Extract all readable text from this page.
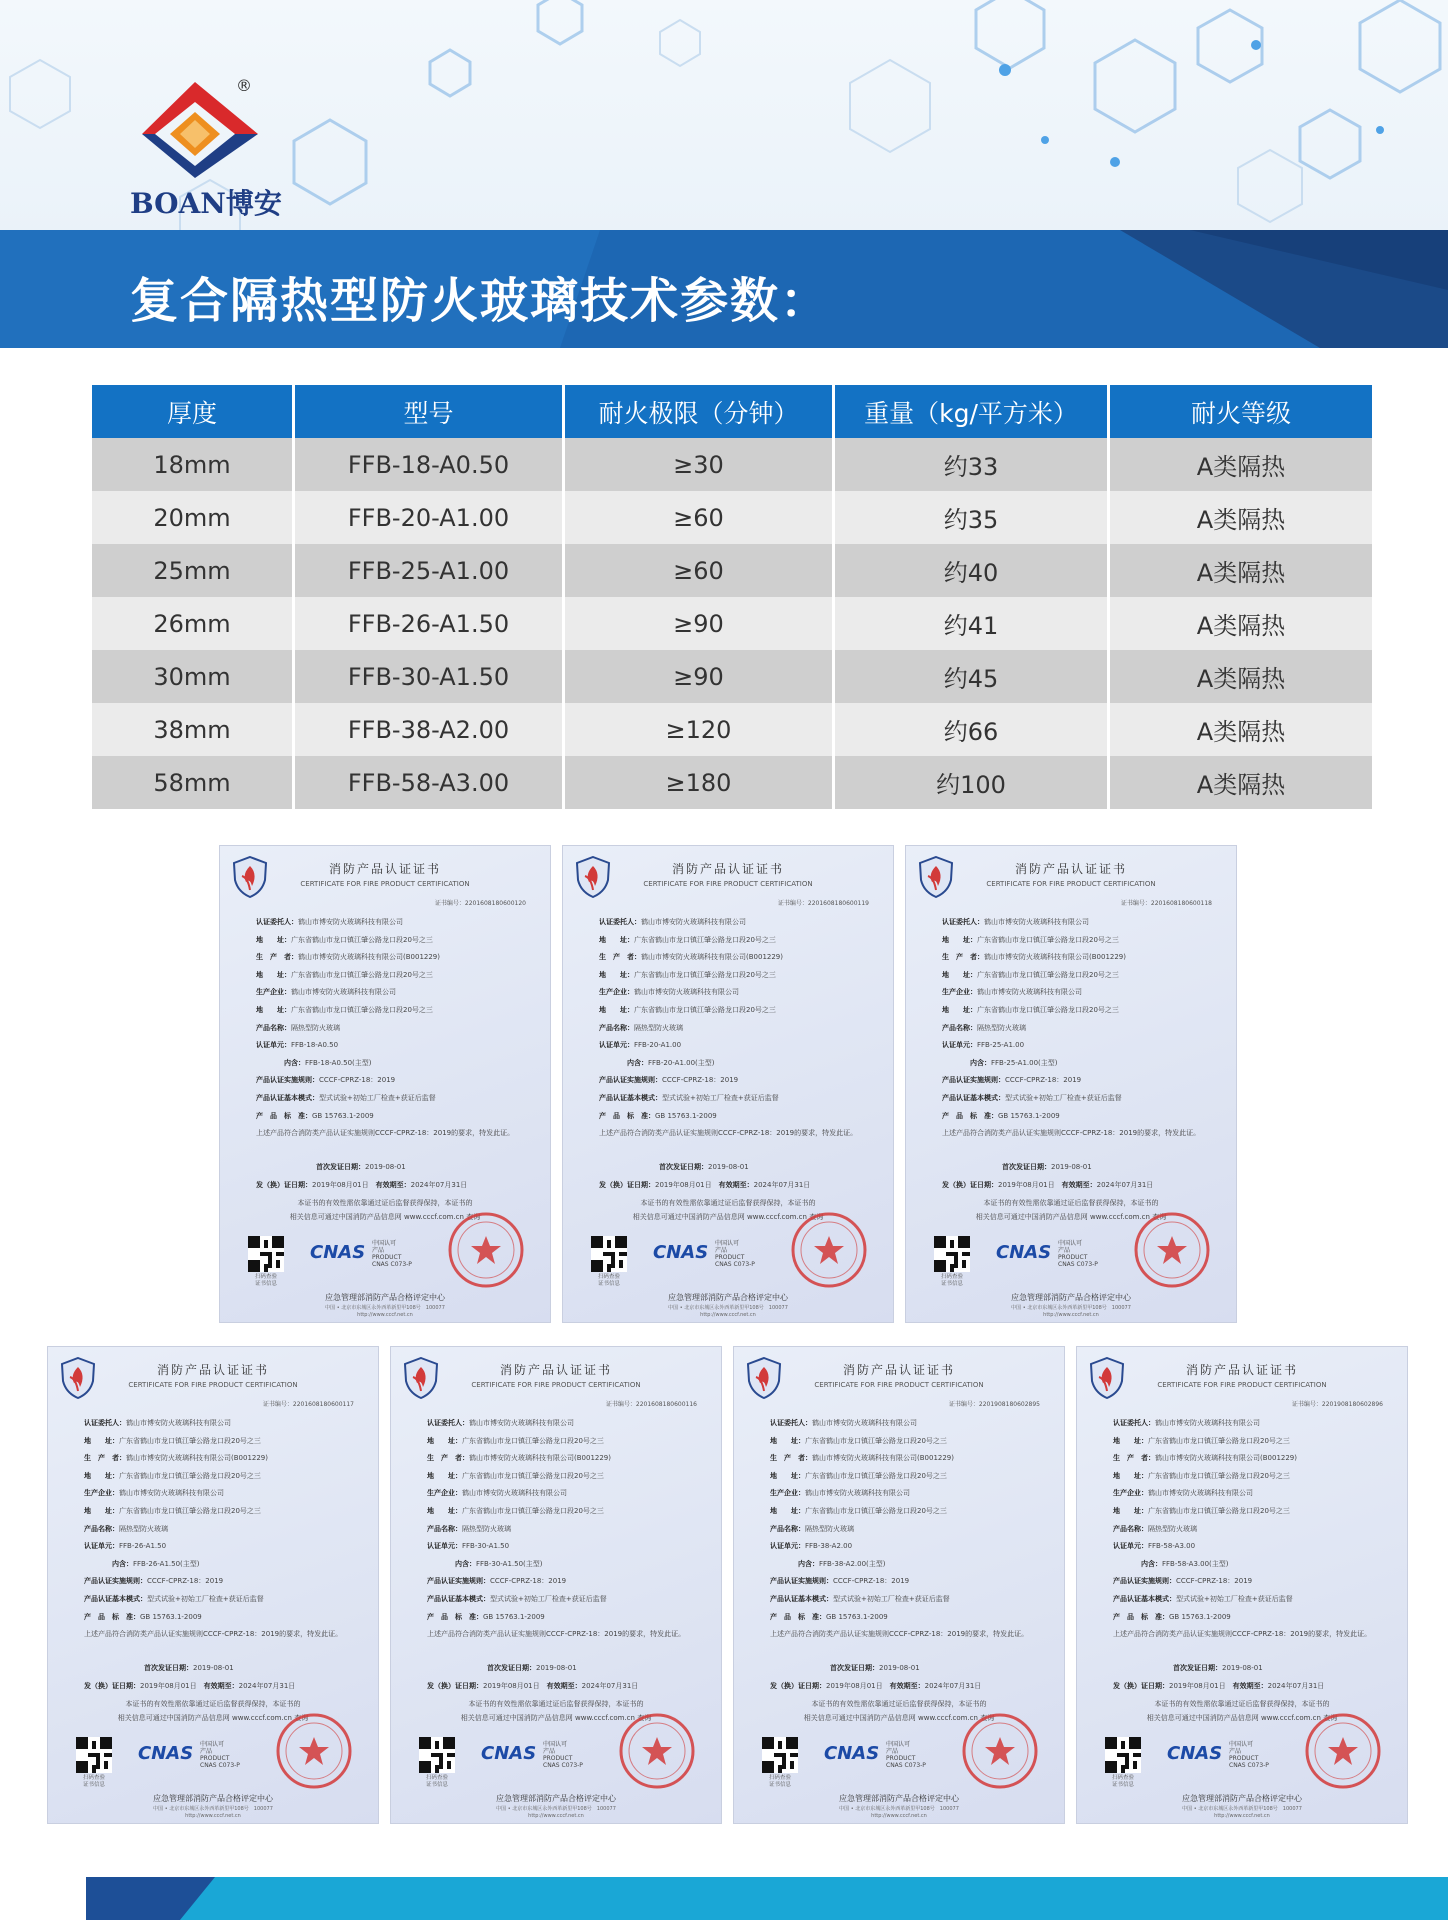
®
BOAN博安
复合隔热型防火玻璃技术参数：
厚度	型号	耐火极限（分钟）	重量（kg/平方米）	耐火等级
18mm	FFB-18-A0.50	≥30	约33	A类隔热
20mm	FFB-20-A1.00	≥60	约35	A类隔热
25mm	FFB-25-A1.00	≥60	约40	A类隔热
26mm	FFB-26-A1.50	≥90	约41	A类隔热
30mm	FFB-30-A1.50	≥90	约45	A类隔热
38mm	FFB-38-A2.00	≥120	约66	A类隔热
58mm	FFB-58-A3.00	≥180	约100	A类隔热
消防产品认证证书
CERTIFICATE FOR FIRE PRODUCT CERTIFICATION
证书编号：2201608180600120
认证委托人：鹤山市博安防火玻璃科技有限公司
地　　址：广东省鹤山市龙口镇江肇公路龙口段20号之三
生　产　者：鹤山市博安防火玻璃科技有限公司(B001229)
地　　址：广东省鹤山市龙口镇江肇公路龙口段20号之三
生产企业：鹤山市博安防火玻璃科技有限公司
地　　址：广东省鹤山市龙口镇江肇公路龙口段20号之三
产品名称：隔热型防火玻璃
认证单元：FFB-18-A0.50
内含：FFB-18-A0.50(主型)
产品认证实施规则：CCCF-CPRZ-18：2019
产品认证基本模式：型式试验+初始工厂检查+获证后监督
产　品　标　准：GB 15763.1-2009
上述产品符合消防类产品认证实施规则CCCF-CPRZ-18：2019的要求，特发此证。
首次发证日期：2019-08-01
发（换）证日期：2019年08月01日　 有效期至：2024年07月31日
本证书的有效性需依靠通过证后监督获得保持，本证书的
相关信息可通过中国消防产品信息网 www.cccf.com.cn 查询
扫码查验
证书信息
CNAS 中国认可
产品
PRODUCT
CNAS C073-P
应急管理部消防产品合格评定中心
中国 • 北京市东城区永外西革新里甲108号　100077
http://www.cccf.net.cn
消防产品认证证书
CERTIFICATE FOR FIRE PRODUCT CERTIFICATION
证书编号：2201608180600119
认证委托人：鹤山市博安防火玻璃科技有限公司
地　　址：广东省鹤山市龙口镇江肇公路龙口段20号之三
生　产　者：鹤山市博安防火玻璃科技有限公司(B001229)
地　　址：广东省鹤山市龙口镇江肇公路龙口段20号之三
生产企业：鹤山市博安防火玻璃科技有限公司
地　　址：广东省鹤山市龙口镇江肇公路龙口段20号之三
产品名称：隔热型防火玻璃
认证单元：FFB-20-A1.00
内含：FFB-20-A1.00(主型)
产品认证实施规则：CCCF-CPRZ-18：2019
产品认证基本模式：型式试验+初始工厂检查+获证后监督
产　品　标　准：GB 15763.1-2009
上述产品符合消防类产品认证实施规则CCCF-CPRZ-18：2019的要求，特发此证。
首次发证日期：2019-08-01
发（换）证日期：2019年08月01日　 有效期至：2024年07月31日
本证书的有效性需依靠通过证后监督获得保持，本证书的
相关信息可通过中国消防产品信息网 www.cccf.com.cn 查询
扫码查验
证书信息
CNAS 中国认可
产品
PRODUCT
CNAS C073-P
应急管理部消防产品合格评定中心
中国 • 北京市东城区永外西革新里甲108号　100077
http://www.cccf.net.cn
消防产品认证证书
CERTIFICATE FOR FIRE PRODUCT CERTIFICATION
证书编号：2201608180600118
认证委托人：鹤山市博安防火玻璃科技有限公司
地　　址：广东省鹤山市龙口镇江肇公路龙口段20号之三
生　产　者：鹤山市博安防火玻璃科技有限公司(B001229)
地　　址：广东省鹤山市龙口镇江肇公路龙口段20号之三
生产企业：鹤山市博安防火玻璃科技有限公司
地　　址：广东省鹤山市龙口镇江肇公路龙口段20号之三
产品名称：隔热型防火玻璃
认证单元：FFB-25-A1.00
内含：FFB-25-A1.00(主型)
产品认证实施规则：CCCF-CPRZ-18：2019
产品认证基本模式：型式试验+初始工厂检查+获证后监督
产　品　标　准：GB 15763.1-2009
上述产品符合消防类产品认证实施规则CCCF-CPRZ-18：2019的要求，特发此证。
首次发证日期：2019-08-01
发（换）证日期：2019年08月01日　 有效期至：2024年07月31日
本证书的有效性需依靠通过证后监督获得保持，本证书的
相关信息可通过中国消防产品信息网 www.cccf.com.cn 查询
扫码查验
证书信息
CNAS 中国认可
产品
PRODUCT
CNAS C073-P
应急管理部消防产品合格评定中心
中国 • 北京市东城区永外西革新里甲108号　100077
http://www.cccf.net.cn
消防产品认证证书
CERTIFICATE FOR FIRE PRODUCT CERTIFICATION
证书编号：2201608180600117
认证委托人：鹤山市博安防火玻璃科技有限公司
地　　址：广东省鹤山市龙口镇江肇公路龙口段20号之三
生　产　者：鹤山市博安防火玻璃科技有限公司(B001229)
地　　址：广东省鹤山市龙口镇江肇公路龙口段20号之三
生产企业：鹤山市博安防火玻璃科技有限公司
地　　址：广东省鹤山市龙口镇江肇公路龙口段20号之三
产品名称：隔热型防火玻璃
认证单元：FFB-26-A1.50
内含：FFB-26-A1.50(主型)
产品认证实施规则：CCCF-CPRZ-18：2019
产品认证基本模式：型式试验+初始工厂检查+获证后监督
产　品　标　准：GB 15763.1-2009
上述产品符合消防类产品认证实施规则CCCF-CPRZ-18：2019的要求，特发此证。
首次发证日期：2019-08-01
发（换）证日期：2019年08月01日　 有效期至：2024年07月31日
本证书的有效性需依靠通过证后监督获得保持，本证书的
相关信息可通过中国消防产品信息网 www.cccf.com.cn 查询
扫码查验
证书信息
CNAS 中国认可
产品
PRODUCT
CNAS C073-P
应急管理部消防产品合格评定中心
中国 • 北京市东城区永外西革新里甲108号　100077
http://www.cccf.net.cn
消防产品认证证书
CERTIFICATE FOR FIRE PRODUCT CERTIFICATION
证书编号：2201608180600116
认证委托人：鹤山市博安防火玻璃科技有限公司
地　　址：广东省鹤山市龙口镇江肇公路龙口段20号之三
生　产　者：鹤山市博安防火玻璃科技有限公司(B001229)
地　　址：广东省鹤山市龙口镇江肇公路龙口段20号之三
生产企业：鹤山市博安防火玻璃科技有限公司
地　　址：广东省鹤山市龙口镇江肇公路龙口段20号之三
产品名称：隔热型防火玻璃
认证单元：FFB-30-A1.50
内含：FFB-30-A1.50(主型)
产品认证实施规则：CCCF-CPRZ-18：2019
产品认证基本模式：型式试验+初始工厂检查+获证后监督
产　品　标　准：GB 15763.1-2009
上述产品符合消防类产品认证实施规则CCCF-CPRZ-18：2019的要求，特发此证。
首次发证日期：2019-08-01
发（换）证日期：2019年08月01日　 有效期至：2024年07月31日
本证书的有效性需依靠通过证后监督获得保持，本证书的
相关信息可通过中国消防产品信息网 www.cccf.com.cn 查询
扫码查验
证书信息
CNAS 中国认可
产品
PRODUCT
CNAS C073-P
应急管理部消防产品合格评定中心
中国 • 北京市东城区永外西革新里甲108号　100077
http://www.cccf.net.cn
消防产品认证证书
CERTIFICATE FOR FIRE PRODUCT CERTIFICATION
证书编号：2201908180602895
认证委托人：鹤山市博安防火玻璃科技有限公司
地　　址：广东省鹤山市龙口镇江肇公路龙口段20号之三
生　产　者：鹤山市博安防火玻璃科技有限公司(B001229)
地　　址：广东省鹤山市龙口镇江肇公路龙口段20号之三
生产企业：鹤山市博安防火玻璃科技有限公司
地　　址：广东省鹤山市龙口镇江肇公路龙口段20号之三
产品名称：隔热型防火玻璃
认证单元：FFB-38-A2.00
内含：FFB-38-A2.00(主型)
产品认证实施规则：CCCF-CPRZ-18：2019
产品认证基本模式：型式试验+初始工厂检查+获证后监督
产　品　标　准：GB 15763.1-2009
上述产品符合消防类产品认证实施规则CCCF-CPRZ-18：2019的要求，特发此证。
首次发证日期：2019-08-01
发（换）证日期：2019年08月01日　 有效期至：2024年07月31日
本证书的有效性需依靠通过证后监督获得保持，本证书的
相关信息可通过中国消防产品信息网 www.cccf.com.cn 查询
扫码查验
证书信息
CNAS 中国认可
产品
PRODUCT
CNAS C073-P
应急管理部消防产品合格评定中心
中国 • 北京市东城区永外西革新里甲108号　100077
http://www.cccf.net.cn
消防产品认证证书
CERTIFICATE FOR FIRE PRODUCT CERTIFICATION
证书编号：2201908180602896
认证委托人：鹤山市博安防火玻璃科技有限公司
地　　址：广东省鹤山市龙口镇江肇公路龙口段20号之三
生　产　者：鹤山市博安防火玻璃科技有限公司(B001229)
地　　址：广东省鹤山市龙口镇江肇公路龙口段20号之三
生产企业：鹤山市博安防火玻璃科技有限公司
地　　址：广东省鹤山市龙口镇江肇公路龙口段20号之三
产品名称：隔热型防火玻璃
认证单元：FFB-58-A3.00
内含：FFB-58-A3.00(主型)
产品认证实施规则：CCCF-CPRZ-18：2019
产品认证基本模式：型式试验+初始工厂检查+获证后监督
产　品　标　准：GB 15763.1-2009
上述产品符合消防类产品认证实施规则CCCF-CPRZ-18：2019的要求，特发此证。
首次发证日期：2019-08-01
发（换）证日期：2019年08月01日　 有效期至：2024年07月31日
本证书的有效性需依靠通过证后监督获得保持，本证书的
相关信息可通过中国消防产品信息网 www.cccf.com.cn 查询
扫码查验
证书信息
CNAS 中国认可
产品
PRODUCT
CNAS C073-P
应急管理部消防产品合格评定中心
中国 • 北京市东城区永外西革新里甲108号　100077
http://www.cccf.net.cn
